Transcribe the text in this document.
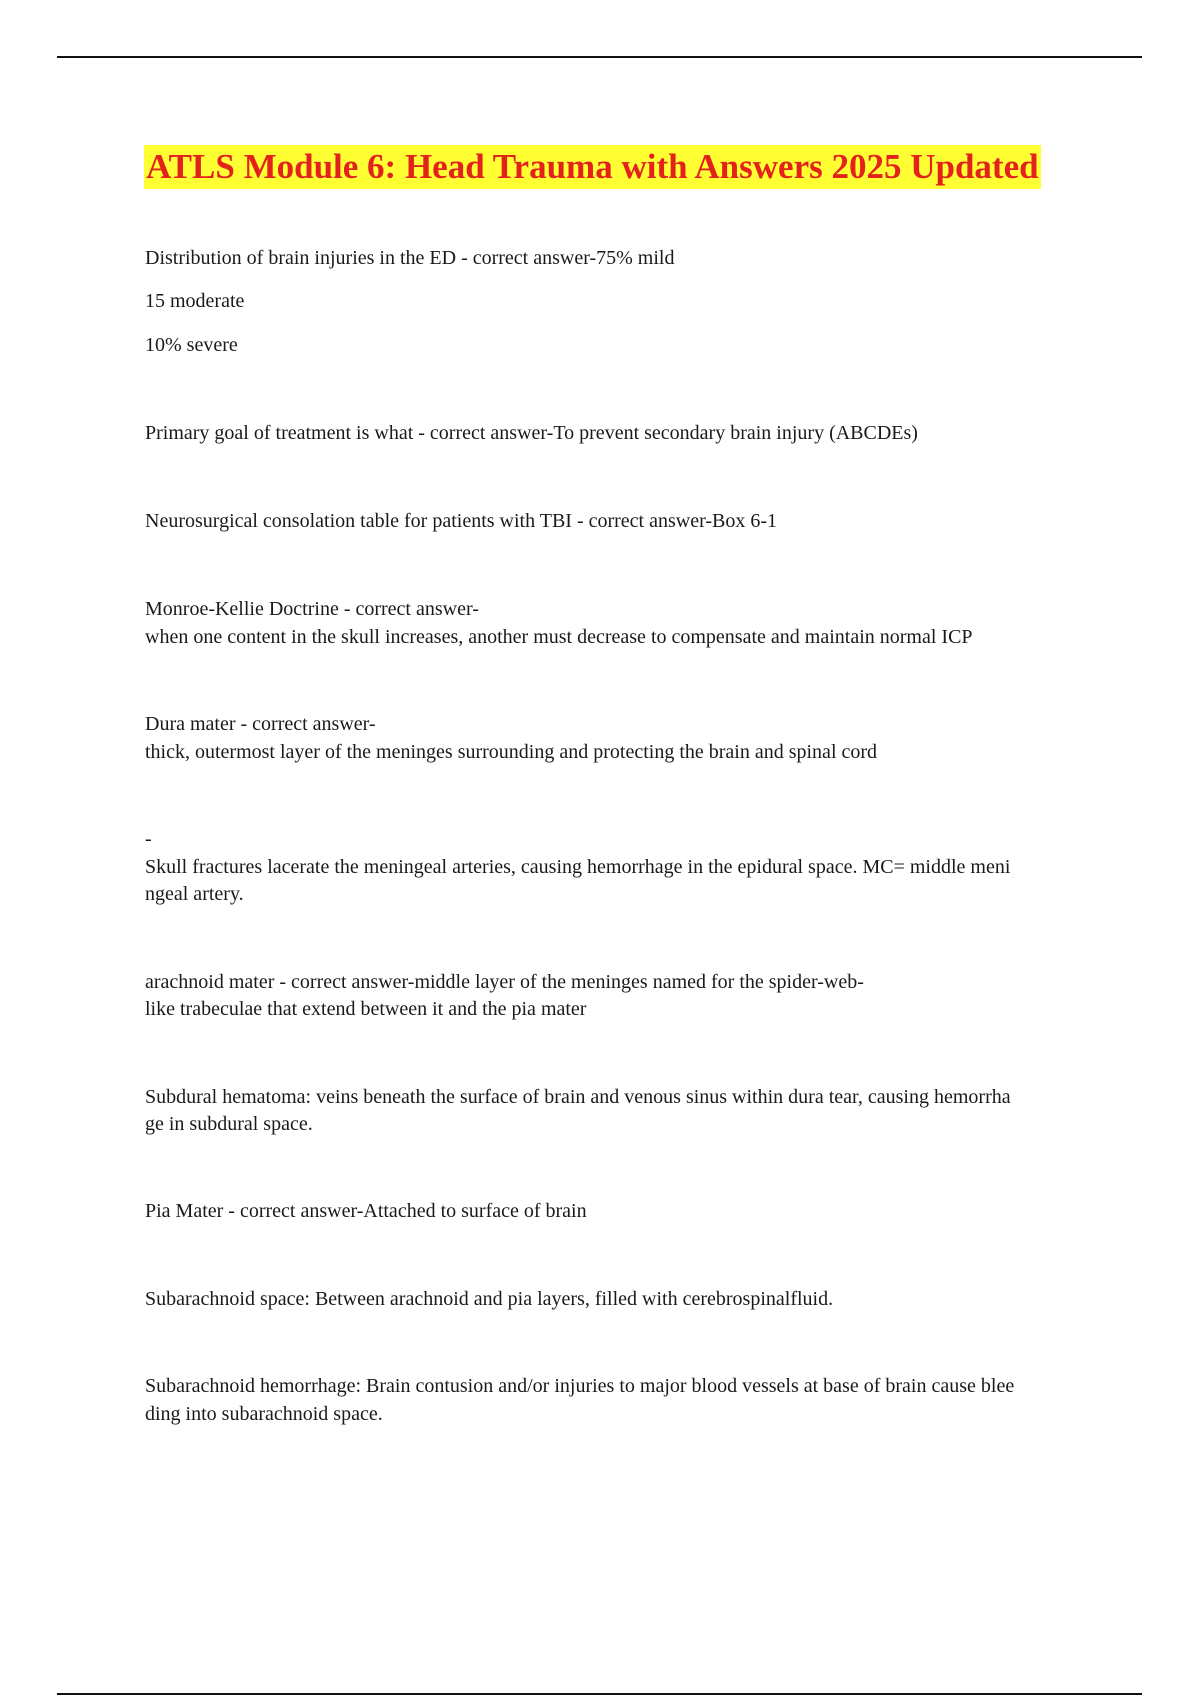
ATLS Module 6: Head Trauma with Answers 2025 Updated

Distribution of brain injuries in the ED - correct answer-75% mild

15 moderate

10% severe

Primary goal of treatment is what - correct answer-To prevent secondary brain injury (ABCDEs)

Neurosurgical consolation table for patients with TBI - correct answer-Box 6-1

Monroe-Kellie Doctrine - correct answer-

when one content in the skull increases, another must decrease to compensate and maintain normal ICP

Dura mater - correct answer-

thick, outermost layer of the meninges surrounding and protecting the brain and spinal cord

-

Skull fractures lacerate the meningeal arteries, causing hemorrhage in the epidural space. MC= middle meni

ngeal artery.

arachnoid mater - correct answer-middle layer of the meninges named for the spider-web-

like trabeculae that extend between it and the pia mater

Subdural hematoma: veins beneath the surface of brain and venous sinus within dura tear, causing hemorrha

ge in subdural space.

Pia Mater - correct answer-Attached to surface of brain

Subarachnoid space: Between arachnoid and pia layers, filled with cerebrospinalfluid.

Subarachnoid hemorrhage: Brain contusion and/or injuries to major blood vessels at base of brain cause blee

ding into subarachnoid space.
